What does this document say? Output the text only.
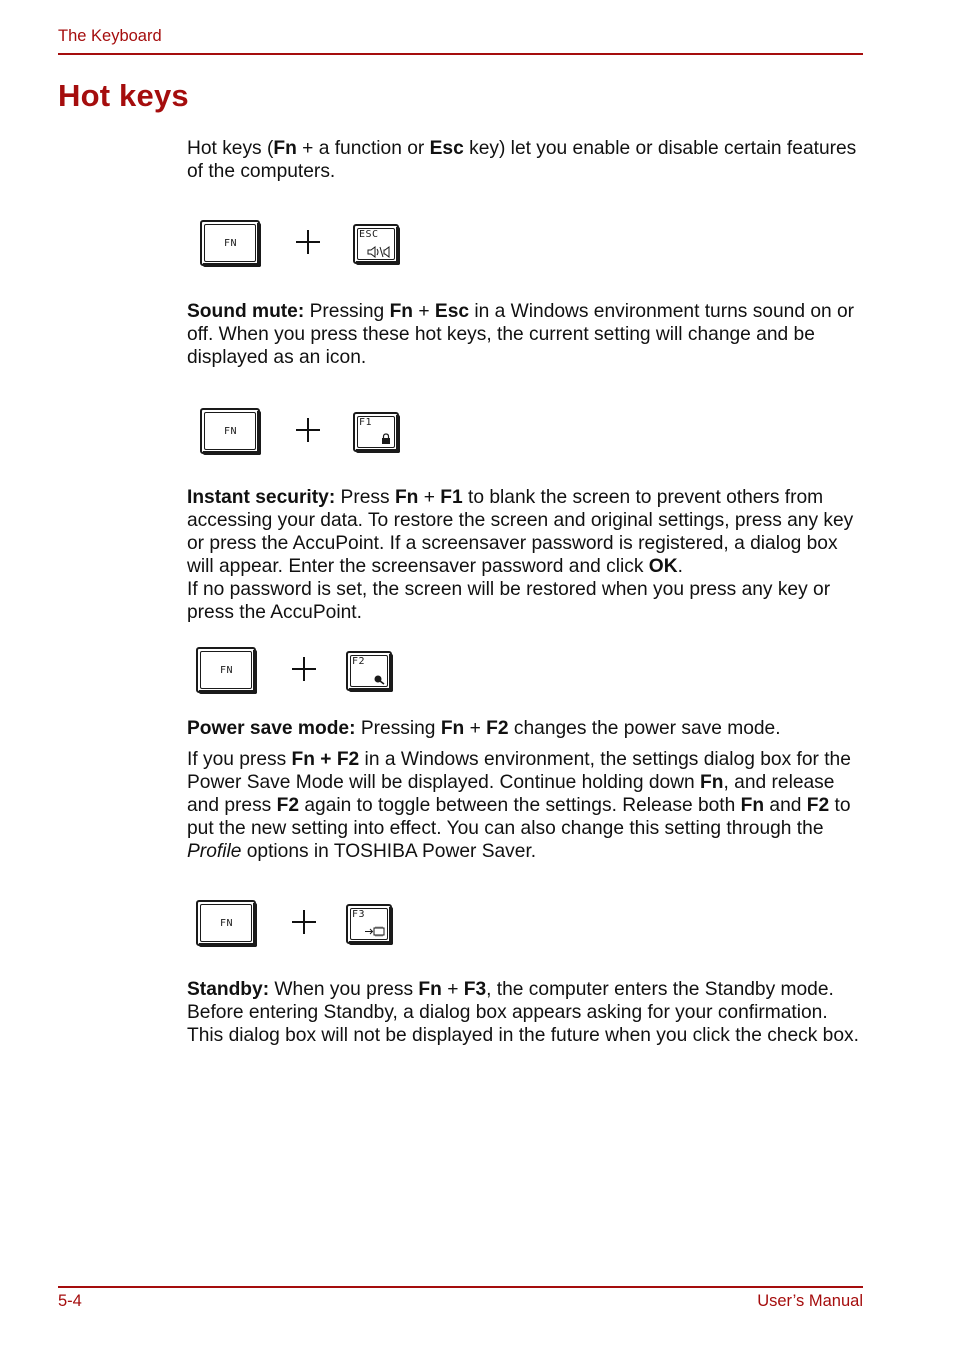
The Keyboard
Hot keys

Hot keys (Fn + a function or Esc key) let you enable or disable certain features of the computers.

FN
ESC

Sound mute: Pressing Fn + Esc in a Windows environment turns sound on or off. When you press these hot keys, the current setting will change and be displayed as an icon.

FN
F1

Instant security: Press Fn + F1 to blank the screen to prevent others from accessing your data. To restore the screen and original settings, press any key or press the AccuPoint. If a screensaver password is registered, a dialog box will appear. Enter the screensaver password and click OK.
If no password is set, the screen will be restored when you press any key or press the AccuPoint.

FN
F2

Power save mode: Pressing Fn + F2 changes the power save mode.

If you press Fn + F2 in a Windows environment, the settings dialog box for the Power Save Mode will be displayed. Continue holding down Fn, and release and press F2 again to toggle between the settings. Release both Fn and F2 to put the new setting into effect. You can also change this setting through the Profile options in TOSHIBA Power Saver.

FN
F3

Standby: When you press Fn + F3, the computer enters the Standby mode. Before entering Standby, a dialog box appears asking for your confirmation. This dialog box will not be displayed in the future when you click the check box.

5-4	User’s Manual
